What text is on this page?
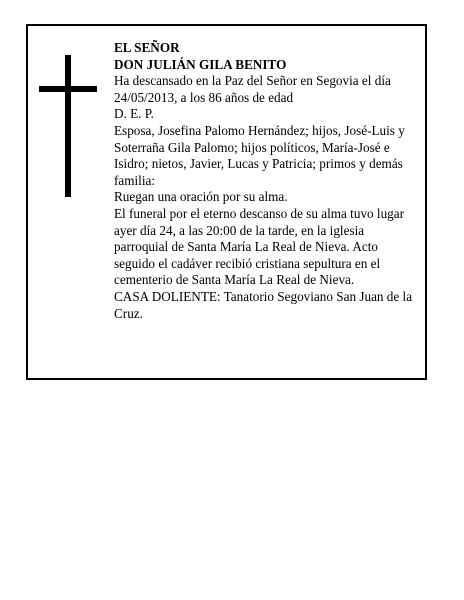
EL SEÑOR

DON JULIÁN GILA BENITO

Ha descansado en la Paz del Señor en Segovia el día 24/05/2013, a los 86 años de edad

D. E. P.

Esposa, Josefina Palomo Hernández; hijos, José-Luis y Soterraña Gila Palomo; hijos políticos, María-José e Isidro; nietos, Javier, Lucas y Patricia; primos y demás familia:

Ruegan una oración por su alma.

El funeral por el eterno descanso de su alma tuvo lugar ayer día 24, a las 20:00 de la tarde, en la iglesia parroquial de Santa María La Real de Nieva. Acto seguido el cadáver recibió cristiana sepultura en el cementerio de Santa María La Real de Nieva.

CASA DOLIENTE: Tanatorio Segoviano San Juan de la Cruz.
